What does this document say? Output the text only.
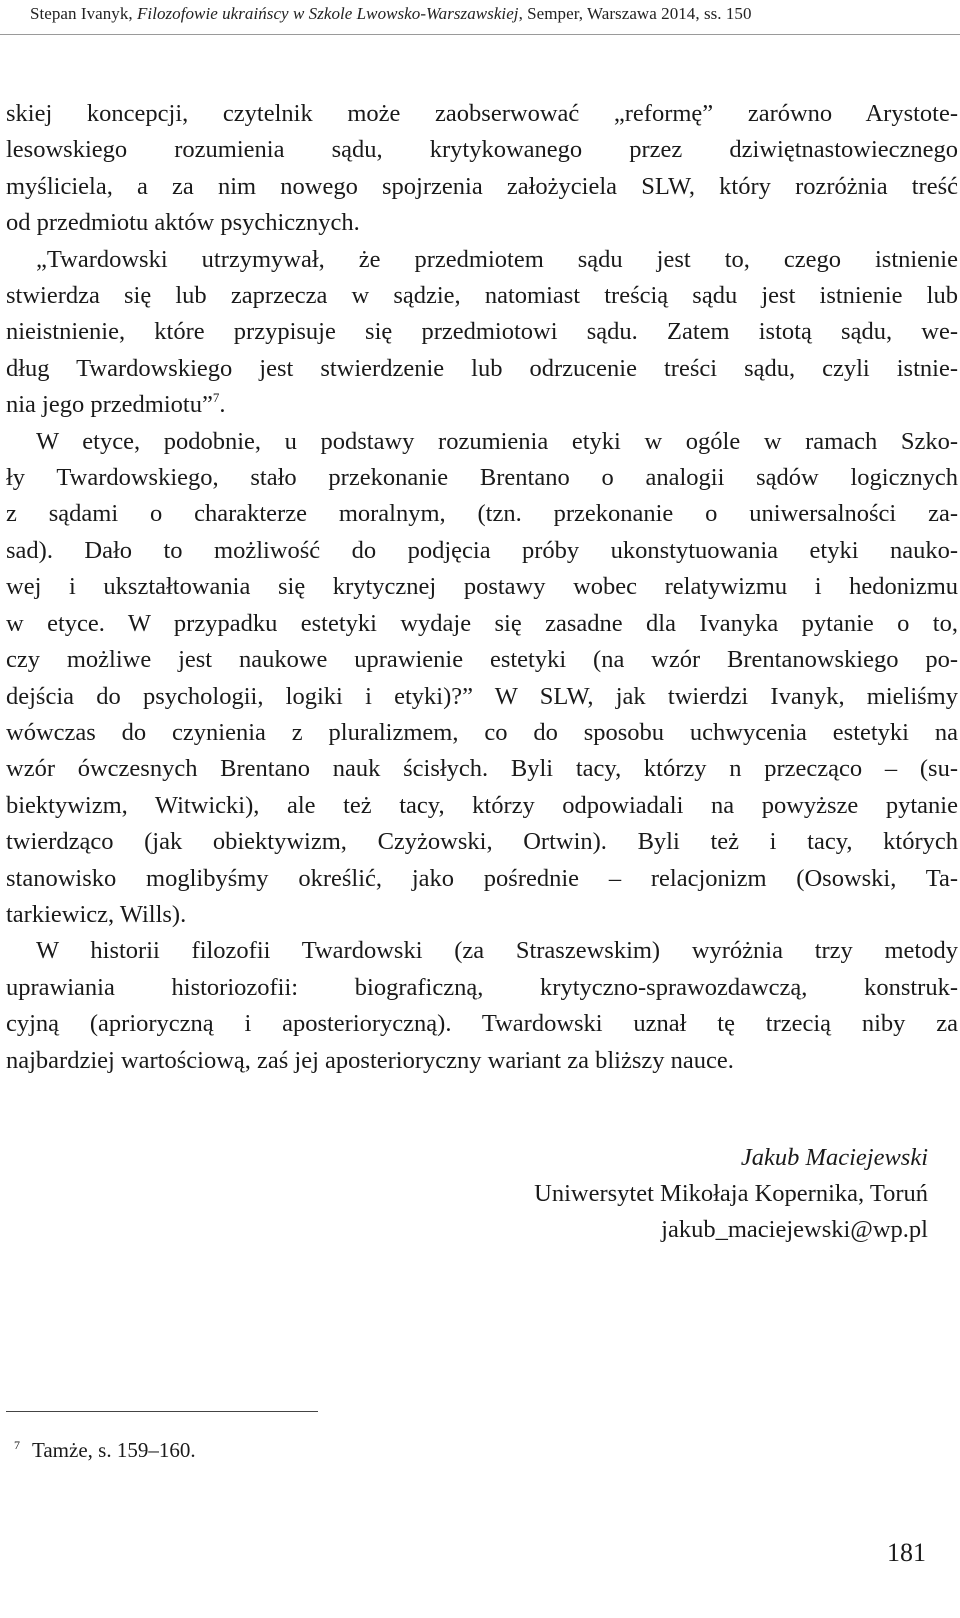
Stepan Ivanyk, Filozofowie ukraińscy w Szkole Lwowsko-Warszawskiej, Semper, Warszawa 2014, ss. 150

skiej koncepcji, czytelnik może zaobserwować „reformę” zarówno Arystote-
lesowskiego rozumienia sądu, krytykowanego przez dziwiętnastowiecznego
myśliciela, a za nim nowego spojrzenia założyciela SLW, który rozróżnia treść
od przedmiotu aktów psychicznych.

„Twardowski utrzymywał, że przedmiotem sądu jest to, czego istnienie
stwierdza się lub zaprzecza w sądzie, natomiast treścią sądu jest istnienie lub
nieistnienie, które przypisuje się przedmiotowi sądu. Zatem istotą sądu, we-
dług Twardowskiego jest stwierdzenie lub odrzucenie treści sądu, czyli istnie-
nia jego przedmiotu”$^7$.

W etyce, podobnie, u podstawy rozumienia etyki w ogóle w ramach Szko-
ły Twardowskiego, stało przekonanie Brentano o analogii sądów logicznych
z sądami o charakterze moralnym, (tzn. przekonanie o uniwersalności za-
sad). Dało to możliwość do podjęcia próby ukonstytuowania etyki nauko-
wej i ukształtowania się krytycznej postawy wobec relatywizmu i hedonizmu
w etyce. W przypadku estetyki wydaje się zasadne dla Ivanyka pytanie o to,
czy możliwe jest naukowe uprawienie estetyki (na wzór Brentanowskiego po-
dejścia do psychologii, logiki i etyki)?” W SLW, jak twierdzi Ivanyk, mieliśmy
wówczas do czynienia z pluralizmem, co do sposobu uchwycenia estetyki na
wzór ówczesnych Brentano nauk ścisłych. Byli tacy, którzy n przecząco – (su-
biektywizm, Witwicki), ale też tacy, którzy odpowiadali na powyższe pytanie
twierdząco (jak obiektywizm, Czyżowski, Ortwin). Byli też i tacy, których
stanowisko moglibyśmy określić, jako pośrednie – relacjonizm (Osowski, Ta-
tarkiewicz, Wills).

W historii filozofii Twardowski (za Straszewskim) wyróżnia trzy metody
uprawiania historiozofii: biograficzną, krytyczno-sprawozdawczą, konstruk-
cyjną (aprioryczną i aposterioryczną). Twardowski uznał tę trzecią niby za
najbardziej wartościową, zaś jej aposterioryczny wariant za bliższy nauce.

Jakub Maciejewski
Uniwersytet Mikołaja Kopernika, Toruń
jakub_maciejewski@wp.pl
$^7$ Tamże, s. 159–160.
181
